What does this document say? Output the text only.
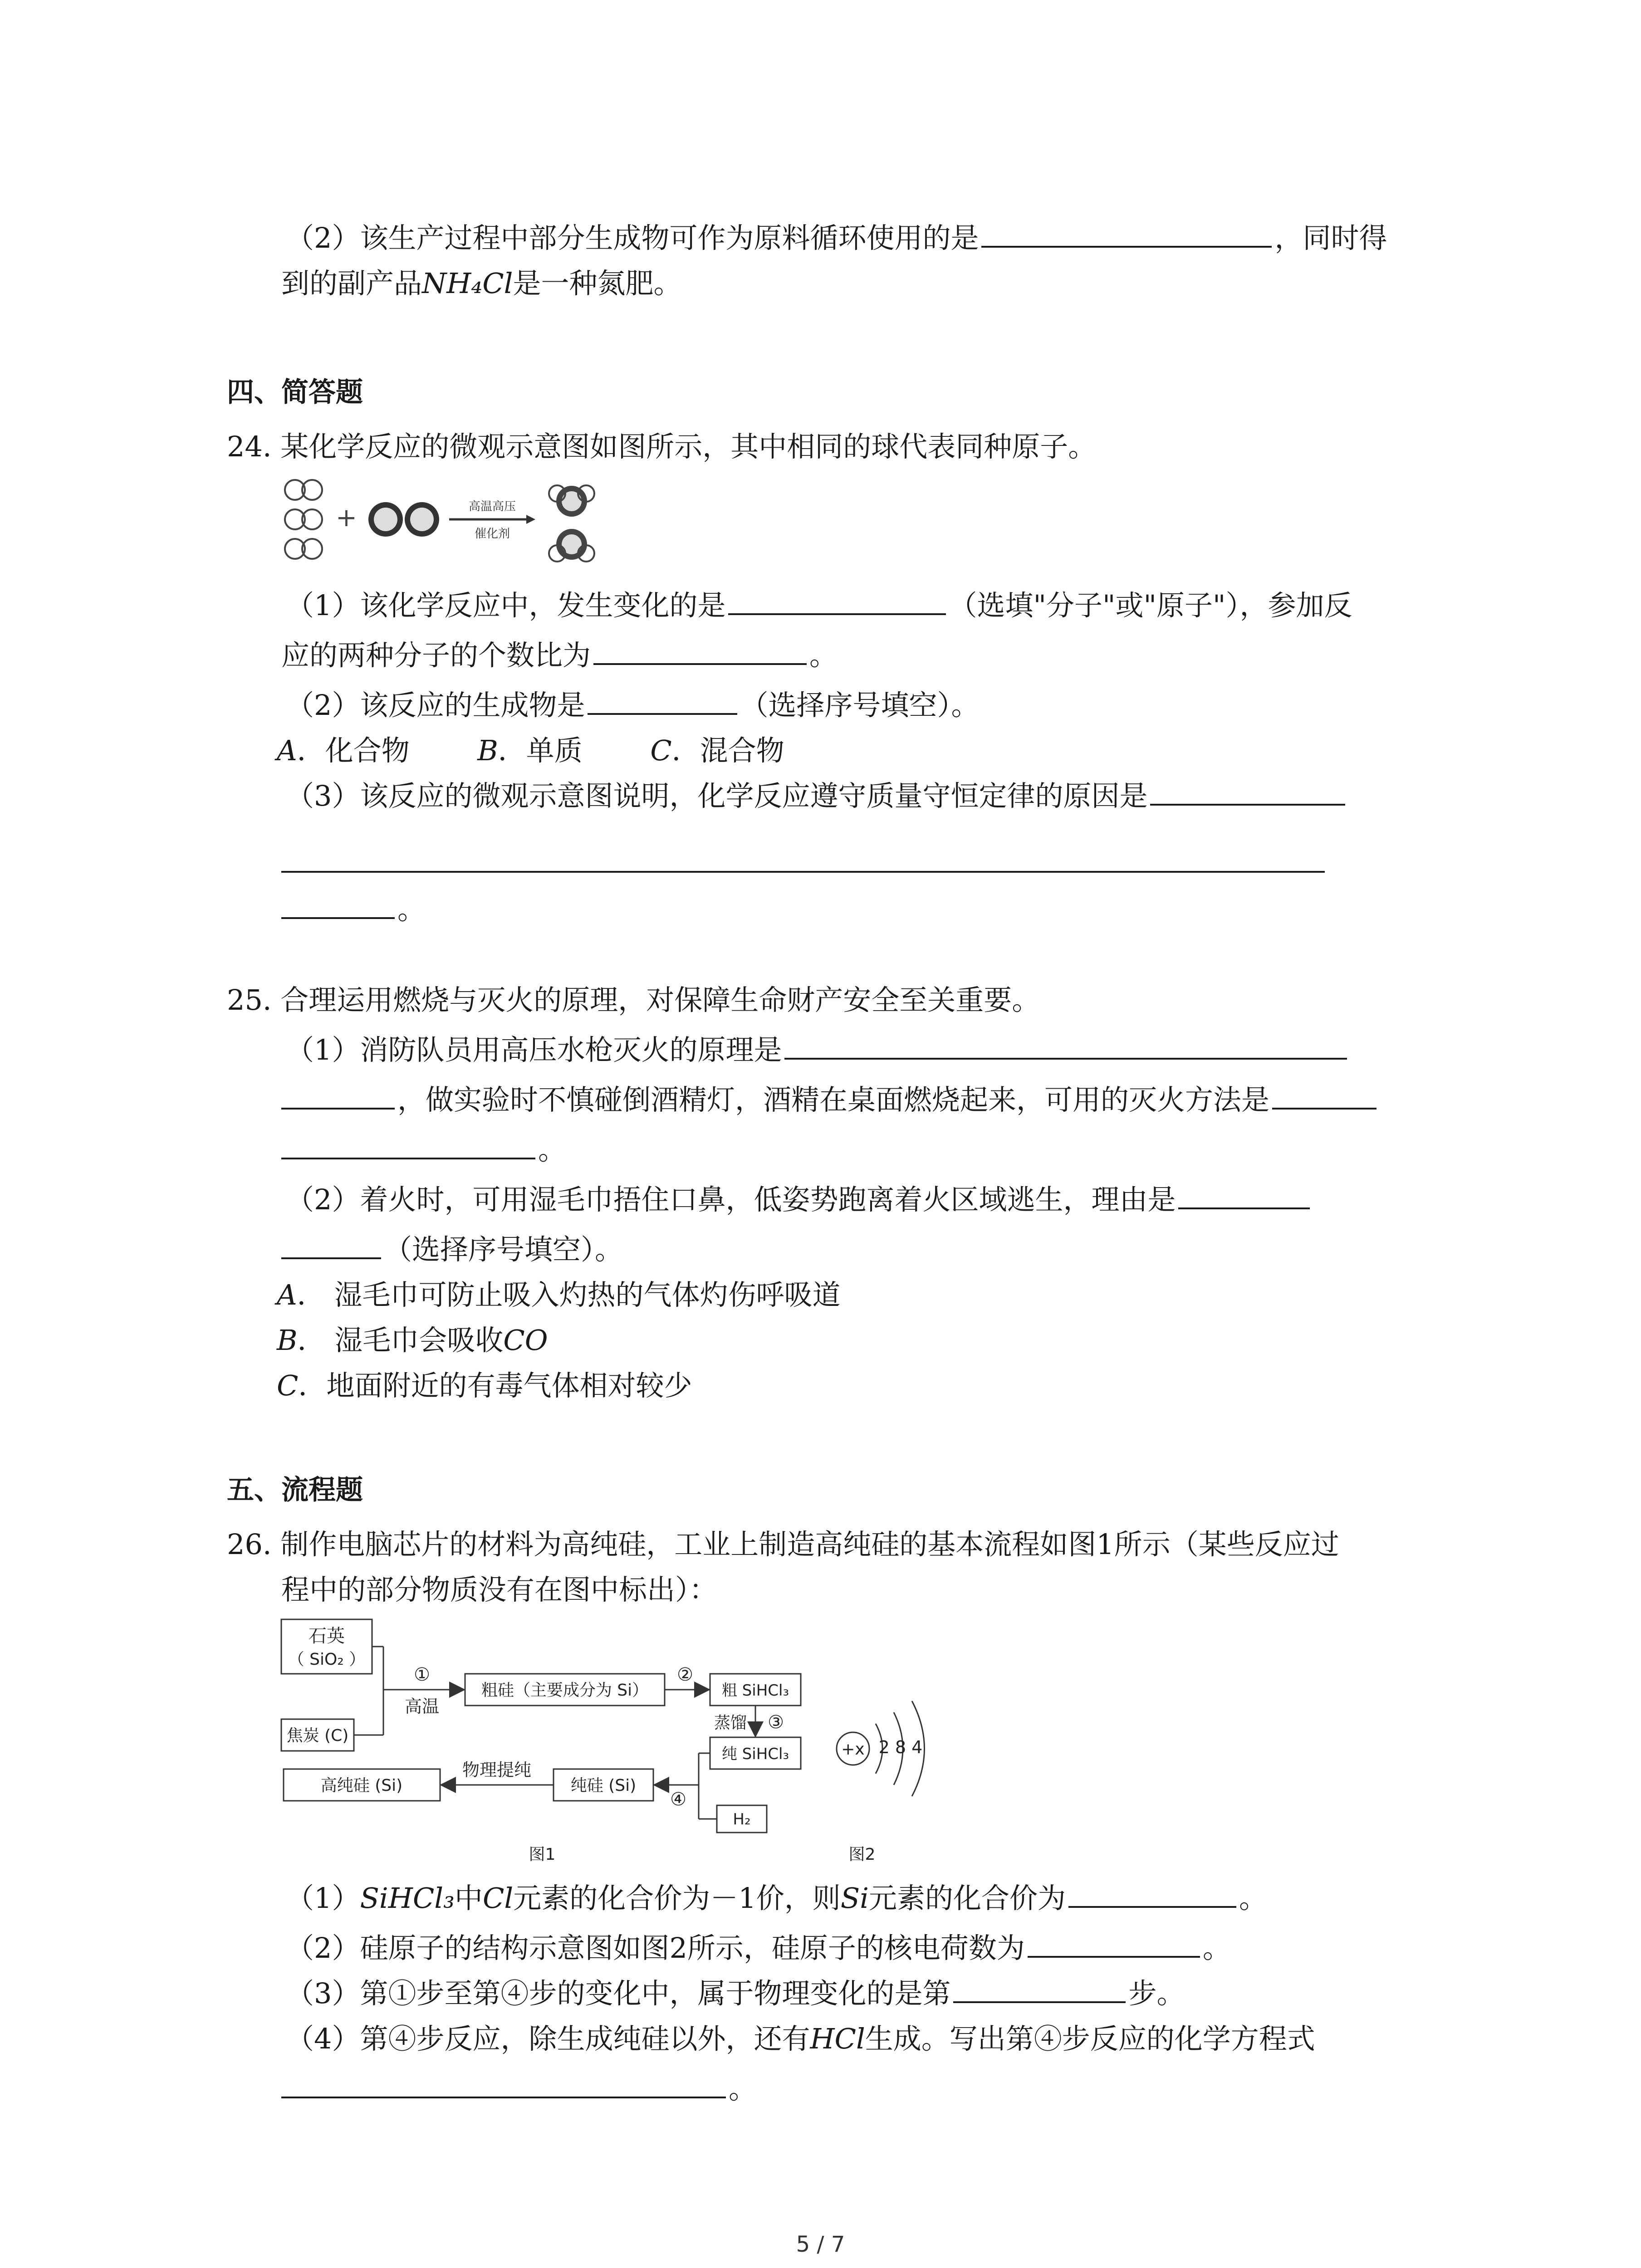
（2）该生产过程中部分生成物可作为原料循环使用的是	，同时得
到的副产品NH₄Cl是一种氮肥。
四、简答题
24. 某化学反应的微观示意图如图所示，其中相同的球代表同种原子。
+	高温高压
催化剂
（1）该化学反应中，发生变化的是	（选填"分子"或"原子"），参加反
应的两种分子的个数比为	。
（2）该反应的生成物是	（选择序号填空）。
A．化合物 B．单质 C．混合物
（3）该反应的微观示意图说明，化学反应遵守质量守恒定律的原因是
。
25. 合理运用燃烧与灭火的原理，对保障生命财产安全至关重要。
（1）消防队员用高压水枪灭火的原理是
，做实验时不慎碰倒酒精灯，酒精在桌面燃烧起来，可用的灭火方法是
。
（2）着火时，可用湿毛巾捂住口鼻，低姿势跑离着火区域逃生，理由是
（选择序号填空）。
A． 湿毛巾可防止吸入灼热的气体灼伤呼吸道
B． 湿毛巾会吸收CO
C．地面附近的有毒气体相对较少
五、流程题
26. 制作电脑芯片的材料为高纯硅，工业上制造高纯硅的基本流程如图1所示（某些反应过
程中的部分物质没有在图中标出）：
石英
（ SiO₂ ）
焦炭 (C)
①
高温
粗硅（主要成分为 Si）
②
粗 SiHCl₃
蒸馏 ③
纯 SiHCl₃
H₂
④
纯硅 (Si)
物理提纯
高纯硅 (Si)
图1
+x 2 8 4
图2
（1）SiHCl₃中Cl元素的化合价为－1价，则Si元素的化合价为	。
（2）硅原子的结构示意图如图2所示，硅原子的核电荷数为	。
（3）第①步至第④步的变化中，属于物理变化的是第	步。
（4）第④步反应，除生成纯硅以外，还有HCl生成。写出第④步反应的化学方程式
。
5 / 7
